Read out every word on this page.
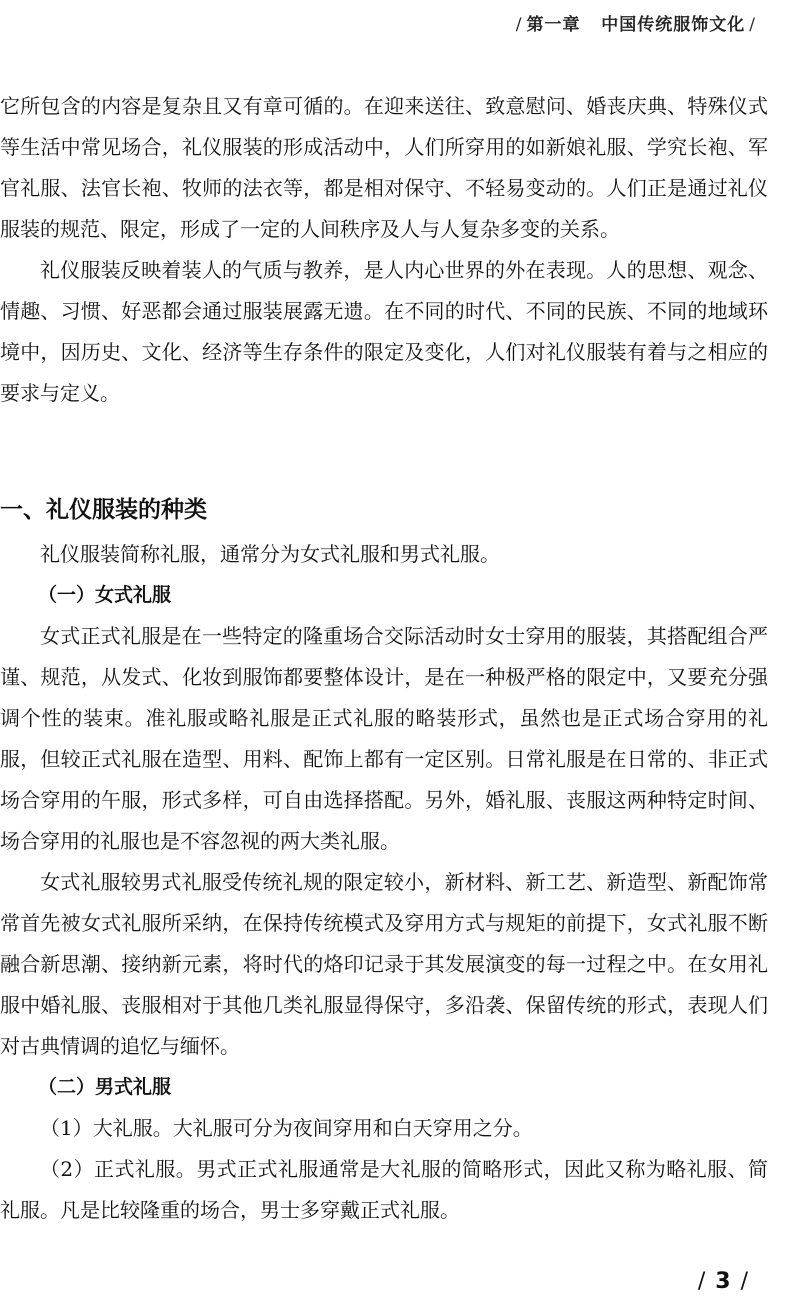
/ 第一章 中国传统服饰文化 /

它所包含的内容是复杂且又有章可循的。在迎来送往、致意慰问、婚丧庆典、特殊仪式等生活中常见场合，礼仪服装的形成活动中，人们所穿用的如新娘礼服、学究长袍、军官礼服、法官长袍、牧师的法衣等，都是相对保守、不轻易变动的。人们正是通过礼仪服装的规范、限定，形成了一定的人间秩序及人与人复杂多变的关系。

礼仪服装反映着装人的气质与教养，是人内心世界的外在表现。人的思想、观念、情趣、习惯、好恶都会通过服装展露无遗。在不同的时代、不同的民族、不同的地域环境中，因历史、文化、经济等生存条件的限定及变化，人们对礼仪服装有着与之相应的要求与定义。

一、礼仪服装的种类

礼仪服装简称礼服，通常分为女式礼服和男式礼服。

（一）女式礼服

女式正式礼服是在一些特定的隆重场合交际活动时女士穿用的服装，其搭配组合严谨、规范，从发式、化妆到服饰都要整体设计，是在一种极严格的限定中，又要充分强调个性的装束。准礼服或略礼服是正式礼服的略装形式，虽然也是正式场合穿用的礼服，但较正式礼服在造型、用料、配饰上都有一定区别。日常礼服是在日常的、非正式场合穿用的午服，形式多样，可自由选择搭配。另外，婚礼服、丧服这两种特定时间、场合穿用的礼服也是不容忽视的两大类礼服。

女式礼服较男式礼服受传统礼规的限定较小，新材料、新工艺、新造型、新配饰常常首先被女式礼服所采纳，在保持传统模式及穿用方式与规矩的前提下，女式礼服不断融合新思潮、接纳新元素，将时代的烙印记录于其发展演变的每一过程之中。在女用礼服中婚礼服、丧服相对于其他几类礼服显得保守，多沿袭、保留传统的形式，表现人们对古典情调的追忆与缅怀。

（二）男式礼服

（1）大礼服。大礼服可分为夜间穿用和白天穿用之分。

（2）正式礼服。男式正式礼服通常是大礼服的简略形式，因此又称为略礼服、简礼服。凡是比较隆重的场合，男士多穿戴正式礼服。

/ 3 /
